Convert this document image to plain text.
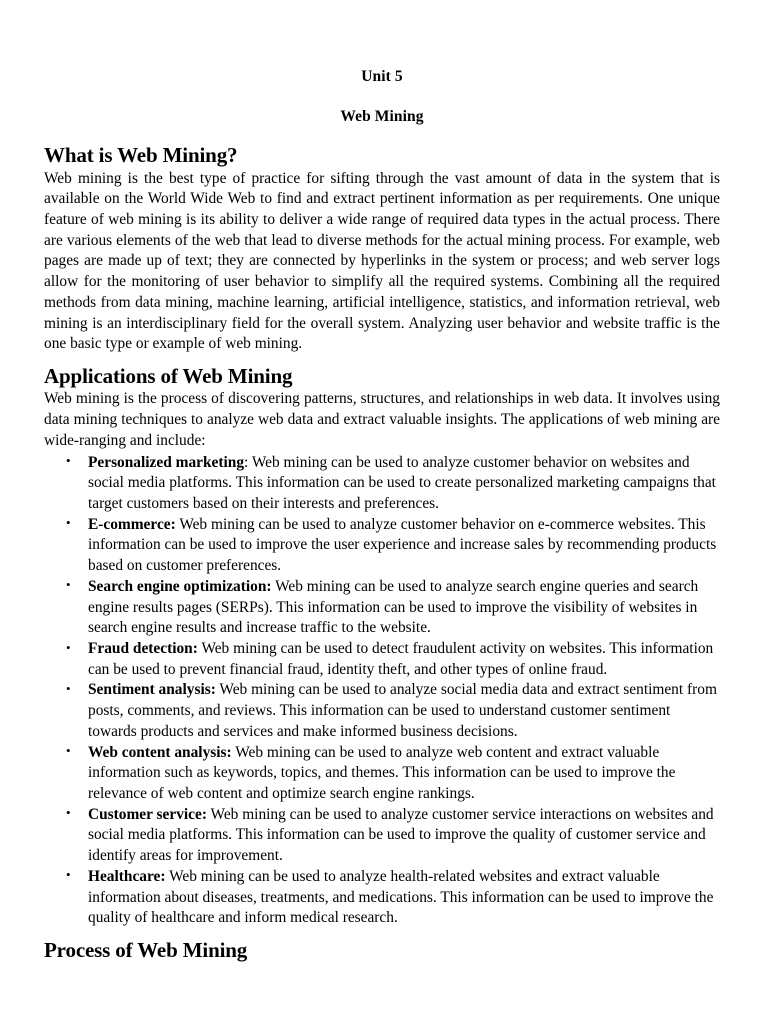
Unit 5
Web Mining
What is Web Mining?

Web mining is the best type of practice for sifting through the vast amount of data in the system that is available on the World Wide Web to find and extract pertinent information as per requirements. One unique feature of web mining is its ability to deliver a wide range of required data types in the actual process. There are various elements of the web that lead to diverse methods for the actual mining process. For example, web pages are made up of text; they are connected by hyperlinks in the system or process; and web server logs allow for the monitoring of user behavior to simplify all the required systems. Combining all the required methods from data mining, machine learning, artificial intelligence, statistics, and information retrieval, web mining is an interdisciplinary field for the overall system. Analyzing user behavior and website traffic is the one basic type or example of web mining.

Applications of Web Mining

Web mining is the process of discovering patterns, structures, and relationships in web data. It involves using data mining techniques to analyze web data and extract valuable insights. The applications of web mining are wide-ranging and include:

• Personalized marketing: Web mining can be used to analyze customer behavior on websites and social media platforms. This information can be used to create personalized marketing campaigns that target customers based on their interests and preferences.
• E-commerce: Web mining can be used to analyze customer behavior on e-commerce websites. This information can be used to improve the user experience and increase sales by recommending products based on customer preferences.
• Search engine optimization: Web mining can be used to analyze search engine queries and search engine results pages (SERPs). This information can be used to improve the visibility of websites in search engine results and increase traffic to the website.
• Fraud detection: Web mining can be used to detect fraudulent activity on websites. This information can be used to prevent financial fraud, identity theft, and other types of online fraud.
• Sentiment analysis: Web mining can be used to analyze social media data and extract sentiment from posts, comments, and reviews. This information can be used to understand customer sentiment towards products and services and make informed business decisions.
• Web content analysis: Web mining can be used to analyze web content and extract valuable information such as keywords, topics, and themes. This information can be used to improve the relevance of web content and optimize search engine rankings.
• Customer service: Web mining can be used to analyze customer service interactions on websites and social media platforms. This information can be used to improve the quality of customer service and identify areas for improvement.
• Healthcare: Web mining can be used to analyze health-related websites and extract valuable information about diseases, treatments, and medications. This information can be used to improve the quality of healthcare and inform medical research.
Process of Web Mining
